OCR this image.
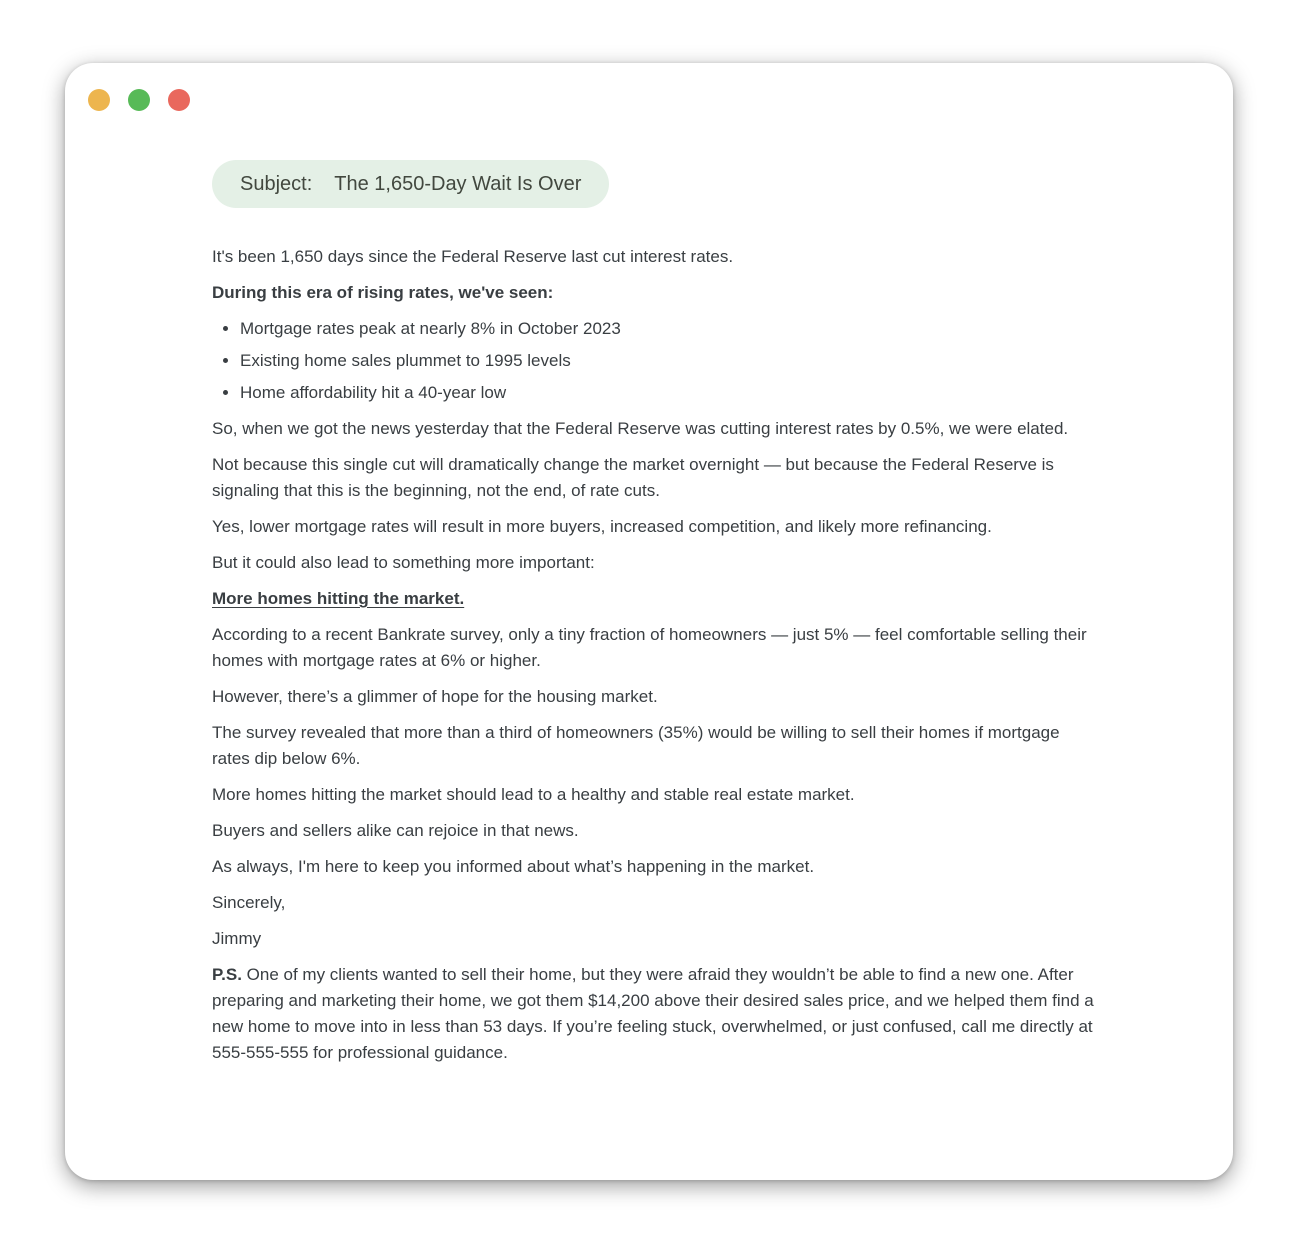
Subject: The 1,650-Day Wait Is Over

It's been 1,650 days since the Federal Reserve last cut interest rates.

During this era of rising rates, we've seen:

• Mortgage rates peak at nearly 8% in October 2023
• Existing home sales plummet to 1995 levels
• Home affordability hit a 40-year low

So, when we got the news yesterday that the Federal Reserve was cutting interest rates by 0.5%, we were elated.

Not because this single cut will dramatically change the market overnight — but because the Federal Reserve is signaling that this is the beginning, not the end, of rate cuts.

Yes, lower mortgage rates will result in more buyers, increased competition, and likely more refinancing.

But it could also lead to something more important:

More homes hitting the market.

According to a recent Bankrate survey, only a tiny fraction of homeowners — just 5% — feel comfortable selling their homes with mortgage rates at 6% or higher.

However, there’s a glimmer of hope for the housing market.

The survey revealed that more than a third of homeowners (35%) would be willing to sell their homes if mortgage rates dip below 6%.

More homes hitting the market should lead to a healthy and stable real estate market.

Buyers and sellers alike can rejoice in that news.

As always, I'm here to keep you informed about what’s happening in the market.

Sincerely,

Jimmy

P.S. One of my clients wanted to sell their home, but they were afraid they wouldn’t be able to find a new one. After preparing and marketing their home, we got them $14,200 above their desired sales price, and we helped them find a new home to move into in less than 53 days. If you’re feeling stuck, overwhelmed, or just confused, call me directly at 555-555-555 for professional guidance.
